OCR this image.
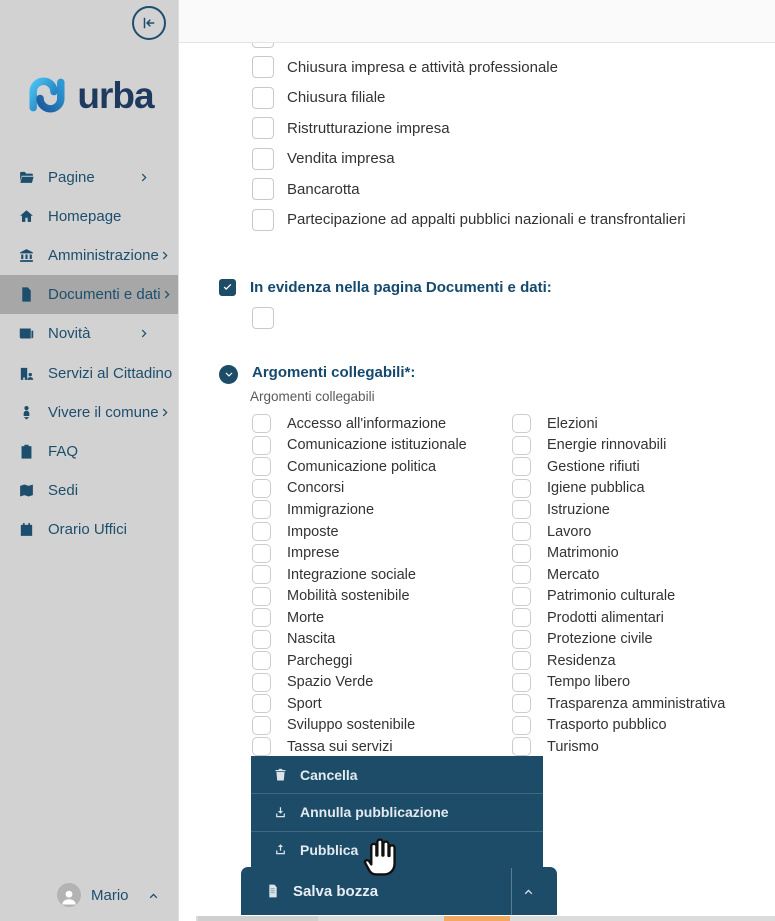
urba
Pagine
Homepage
Amministrazione
Documenti e dati
Novità
Servizi al Cittadino
Vivere il comune
FAQ
Sedi
Orario Uffici
Mario
Chiusura impresa e attività professionale
Chiusura filiale
Ristrutturazione impresa
Vendita impresa
Bancarotta
Partecipazione ad appalti pubblici nazionali e transfrontalieri
In evidenza nella pagina Documenti e dati:
Argomenti collegabili*:
Argomenti collegabili
Accesso all'informazione
Comunicazione istituzionale
Comunicazione politica
Concorsi
Immigrazione
Imposte
Imprese
Integrazione sociale
Mobilità sostenibile
Morte
Nascita
Parcheggi
Spazio Verde
Sport
Sviluppo sostenibile
Tassa sui servizi
Elezioni
Energie rinnovabili
Gestione rifiuti
Igiene pubblica
Istruzione
Lavoro
Matrimonio
Mercato
Patrimonio culturale
Prodotti alimentari
Protezione civile
Residenza
Tempo libero
Trasparenza amministrativa
Trasporto pubblico
Turismo
Cancella
Annulla pubblicazione
Pubblica
Salva bozza
